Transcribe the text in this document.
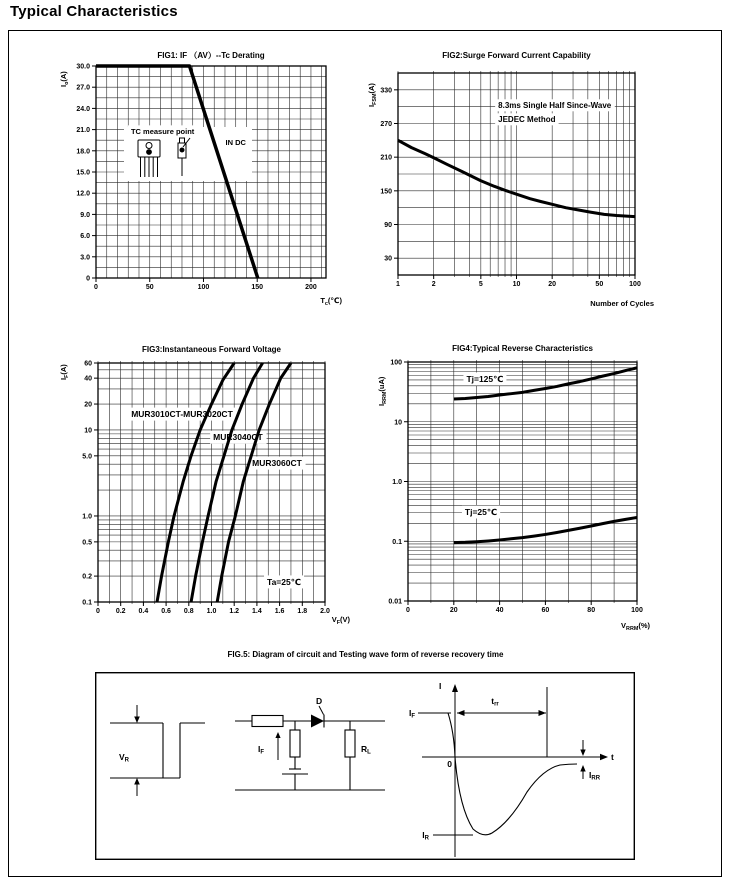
Typical Characteristics
TC measure point
IN DC
30.0
27.0
24.0
21.0
18.0
15.0
12.0
9.0
6.0
3.0
0
0	50	100	150	200
FIG1: IF （AV）--Tc Derating
$I_o(A)$
$T_c(℃)$
8.3ms Single Half Since-Wave
JEDEC Method
330
270
210
150
90
30
1	2	5	10	20	50	100
FIG2:Surge Forward Current Capability
$I_{FSM}(A)$
Number of Cycles
MUR3010CT-MUR3020CT
MUR3040CT
MUR3060CT
Ta=25℃
60
40
20
10
5.0
1.0
0.5
0.2
0.1
0 0.2 0.4 0.6 0.8 1.0 1.2 1.4 1.6 1.8 2.0
FIG3:Instantaneous Forward Voltage
$I_F(A)$
$V_F(V)$
Tj=125℃
Tj=25℃
100
10
1.0
0.1
0.01
0	20	40	60	80	100
FIG4:Typical Reverse Characteristics
$I_{RRM}(uA)$
$V_{RRM}(\%)$
FIG.5: Diagram of circuit and Testing wave form of reverse recovery time
VR
D
IF	RL
I
t
0
IF
trr
IR
IRR
